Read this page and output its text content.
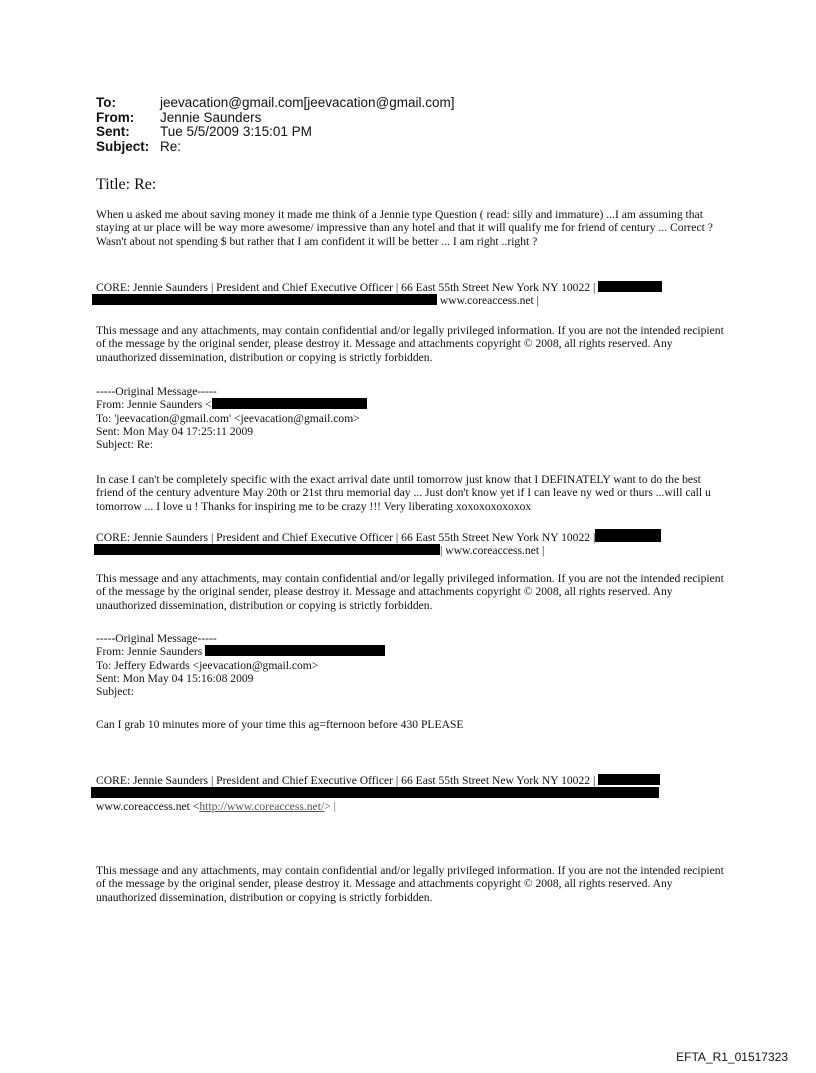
To:	jeevacation@gmail.com[jeevacation@gmail.com]
From:	Jennie Saunders
Sent:	Tue 5/5/2009 3:15:01 PM
Subject: Re:
Title: Re:
When u asked me about saving money it made me think of a Jennie type Question ( read: silly and immature) ...I am assuming that staying at ur place will be way more awesome/ impressive than any hotel and that it will qualify me for friend of century ... Correct ? Wasn't about not spending $ but rather that I am confident it will be better ... I am right ..right ?
CORE: Jennie Saunders | President and Chief Executive Officer | 66 East 55th Street New York NY 10022 |
www.coreaccess.net |
This message and any attachments, may contain confidential and/or legally privileged information. If you are not the intended recipient of the message by the original sender, please destroy it. Message and attachments copyright © 2008, all rights reserved. Any unauthorized dissemination, distribution or copying is strictly forbidden.
-----Original Message-----
From: Jennie Saunders <
To: 'jeevacation@gmail.com' <jeevacation@gmail.com>
Sent: Mon May 04 17:25:11 2009
Subject: Re:
In case I can't be completely specific with the exact arrival date until tomorrow just know that I DEFINATELY want to do the best friend of the century adventure May 20th or 21st thru memorial day ... Just don't know yet if I can leave ny wed or thurs ...will call u tomorrow ... I love u ! Thanks for inspiring me to be crazy !!! Very liberating xoxoxoxoxoxox
CORE: Jennie Saunders | President and Chief Executive Officer | 66 East 55th Street New York NY 10022 |
| www.coreaccess.net |
This message and any attachments, may contain confidential and/or legally privileged information. If you are not the intended recipient of the message by the original sender, please destroy it. Message and attachments copyright © 2008, all rights reserved. Any unauthorized dissemination, distribution or copying is strictly forbidden.
-----Original Message-----
From: Jennie Saunders
To: Jeffery Edwards <jeevacation@gmail.com>
Sent: Mon May 04 15:16:08 2009
Subject:
Can I grab 10 minutes more of your time this ag=fternoon before 430 PLEASE
CORE: Jennie Saunders | President and Chief Executive Officer | 66 East 55th Street New York NY 10022 |
www.coreaccess.net <http://www.coreaccess.net/> |
This message and any attachments, may contain confidential and/or legally privileged information. If you are not the intended recipient of the message by the original sender, please destroy it. Message and attachments copyright © 2008, all rights reserved. Any unauthorized dissemination, distribution or copying is strictly forbidden.
EFTA_R1_01517323
